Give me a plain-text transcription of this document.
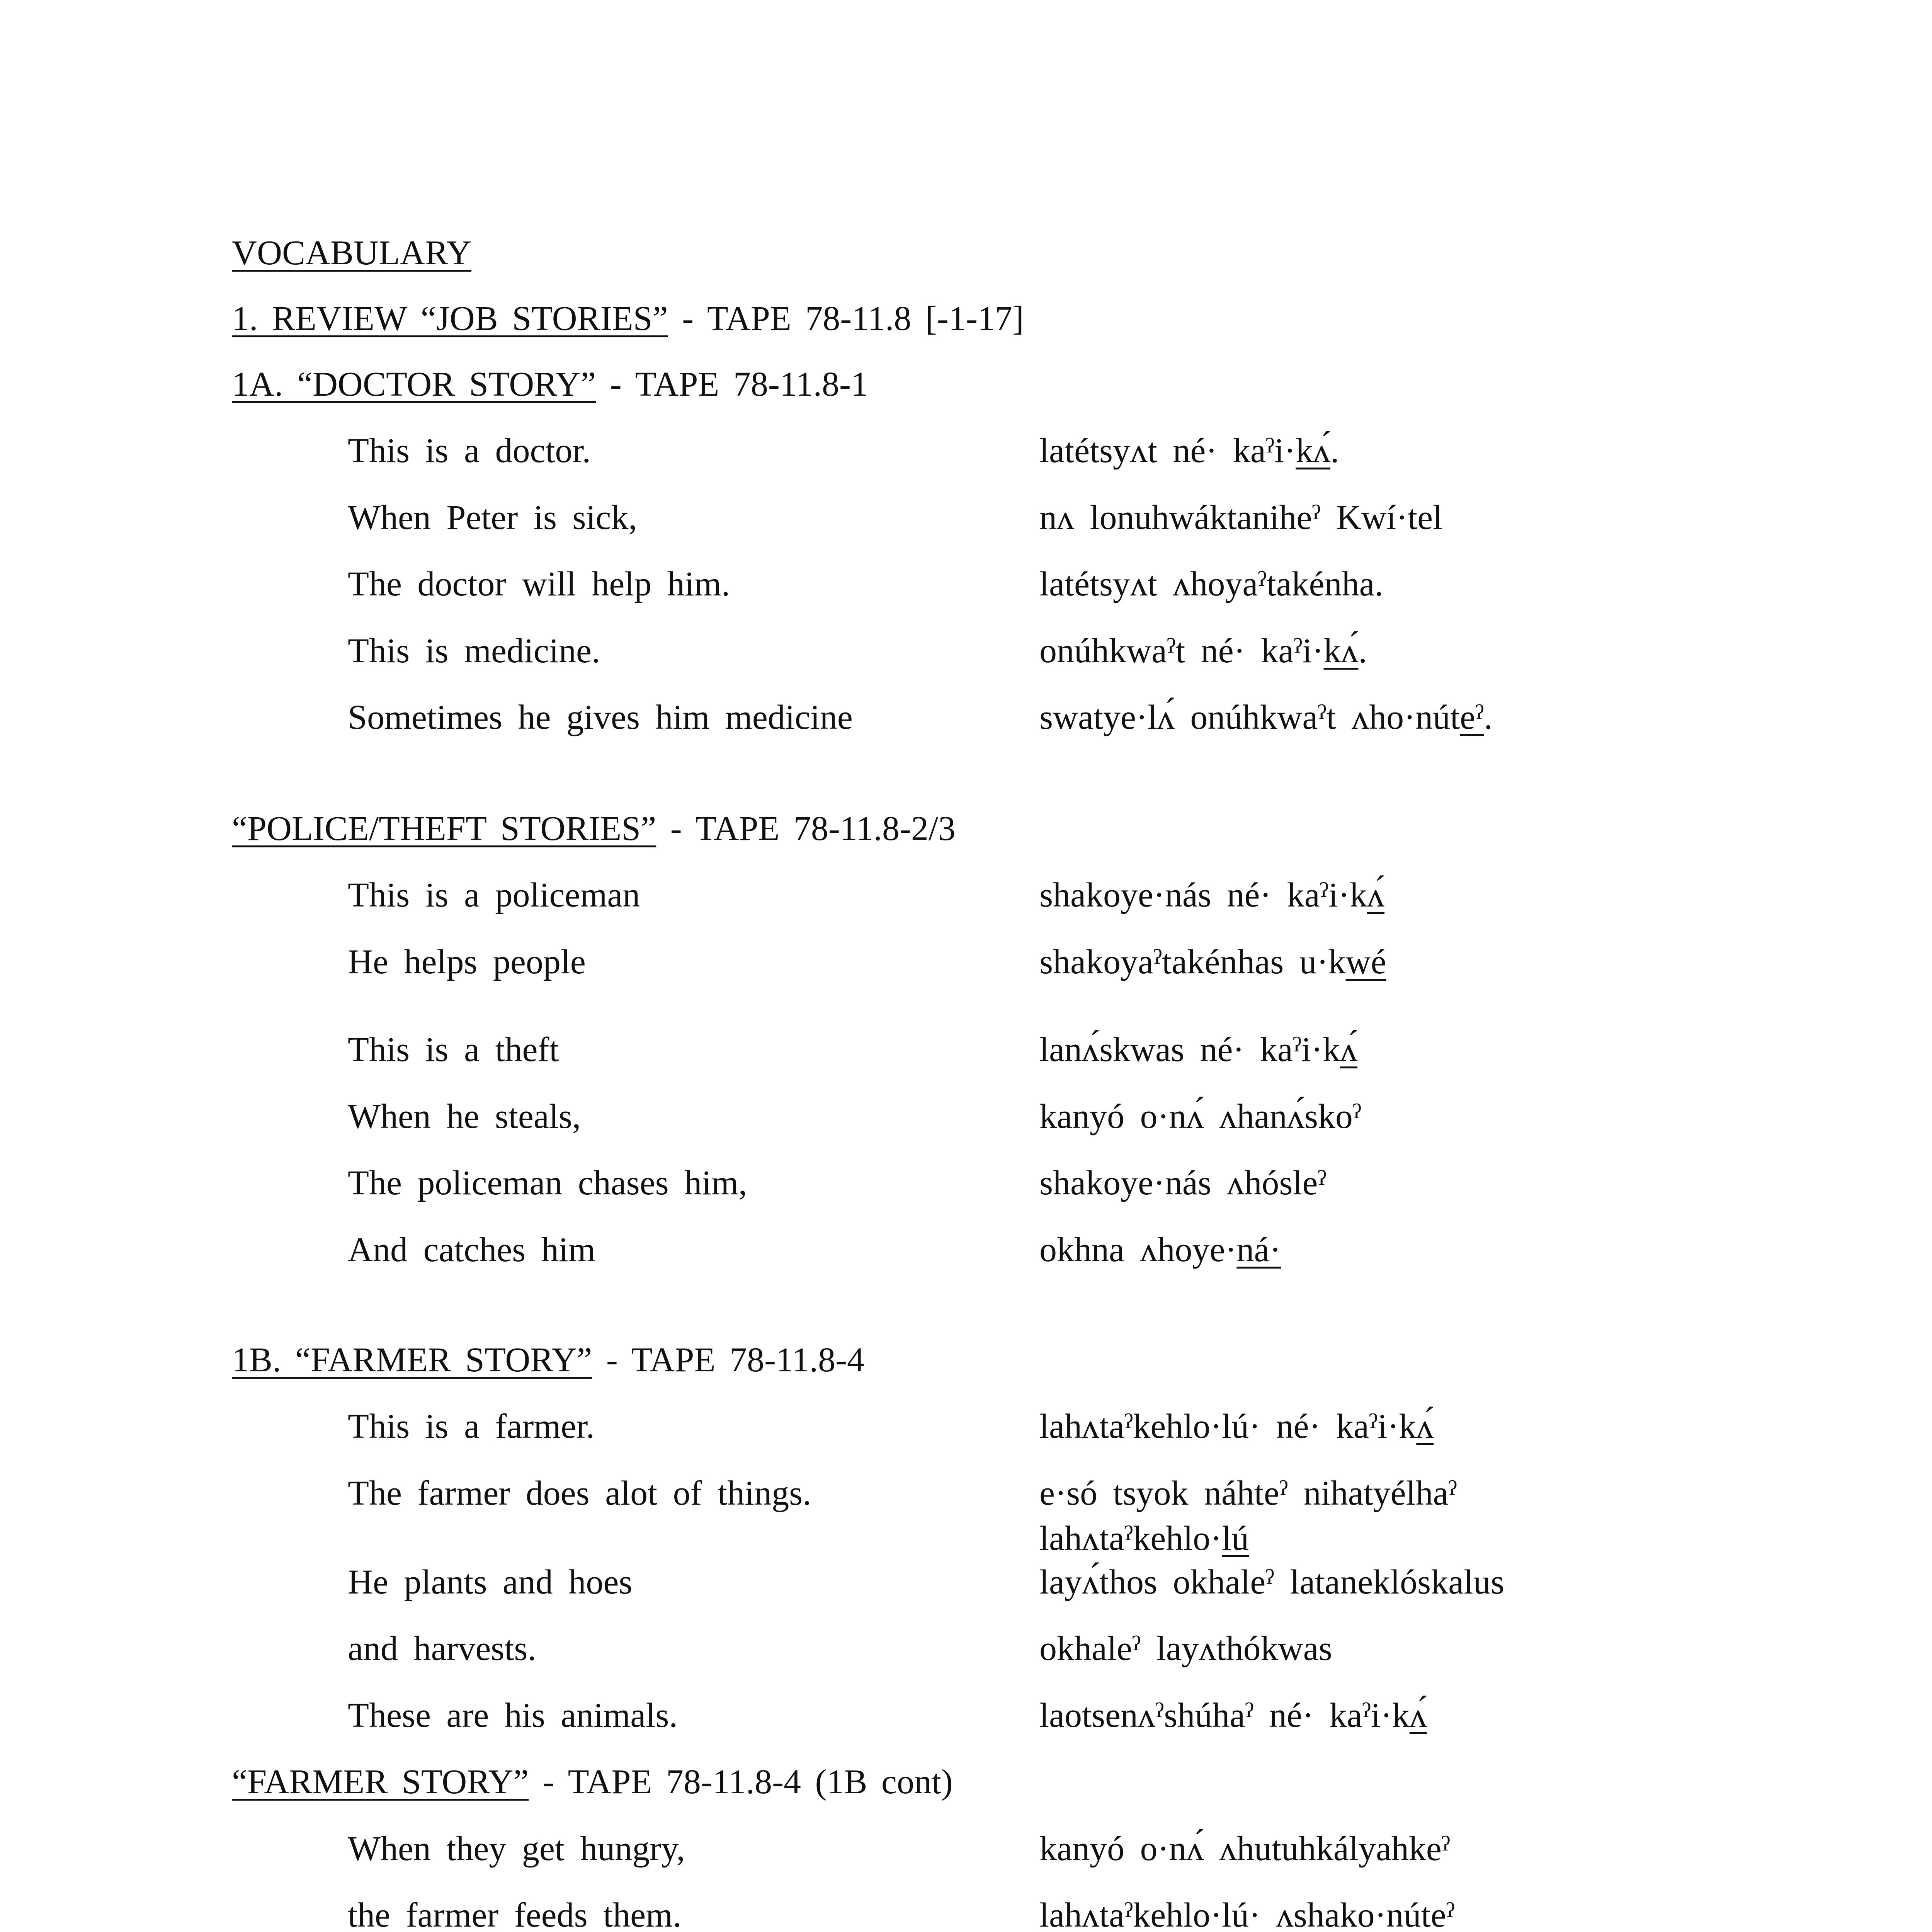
VOCABULARY
1. REVIEW “JOB STORIES” - TAPE 78-11.8 [-1-17]
1A. “DOCTOR STORY” - TAPE 78-11.8-1
This is a doctor.	latétsyʌt né· kaˀi·kʌ́.
When Peter is sick,	nʌ lonuhwáktaniheˀ Kwí·tel
The doctor will help him.	latétsyʌt ʌhoyaˀtakénha.
This is medicine.	onúhkwaˀt né· kaˀi·kʌ́.
Sometimes he gives him medicine	swatye·lʌ́ onúhkwaˀt ʌho·núteˀ.
“POLICE/THEFT STORIES” - TAPE 78-11.8-2/3
This is a policeman	shakoye·nás né· kaˀi·kʌ́
He helps people	shakoyaˀtakénhas u·kwé
This is a theft	lanʌ́skwas né· kaˀi·kʌ́
When he steals,	kanyó o·nʌ́ ʌhanʌ́skoˀ
The policeman chases him,	shakoye·nás ʌhósleˀ
And catches him	okhna ʌhoye·ná·
1B. “FARMER STORY” - TAPE 78-11.8-4
This is a farmer.	lahʌtaˀkehlo·lú· né· kaˀi·kʌ́
The farmer does alot of things.	e·só tsyok náhteˀ nihatyélhaˀ
lahʌtaˀkehlo·lú
He plants and hoes	layʌ́thos okhaleˀ lataneklóskalus
and harvests.	okhaleˀ layʌthókwas
These are his animals.	laotsenʌˀshúhaˀ né· kaˀi·kʌ́
“FARMER STORY” - TAPE 78-11.8-4 (1B cont)
When they get hungry,	kanyó o·nʌ́ ʌhutuhkályahkeˀ
the farmer feeds them.	lahʌtaˀkehlo·lú· ʌshako·núteˀ
